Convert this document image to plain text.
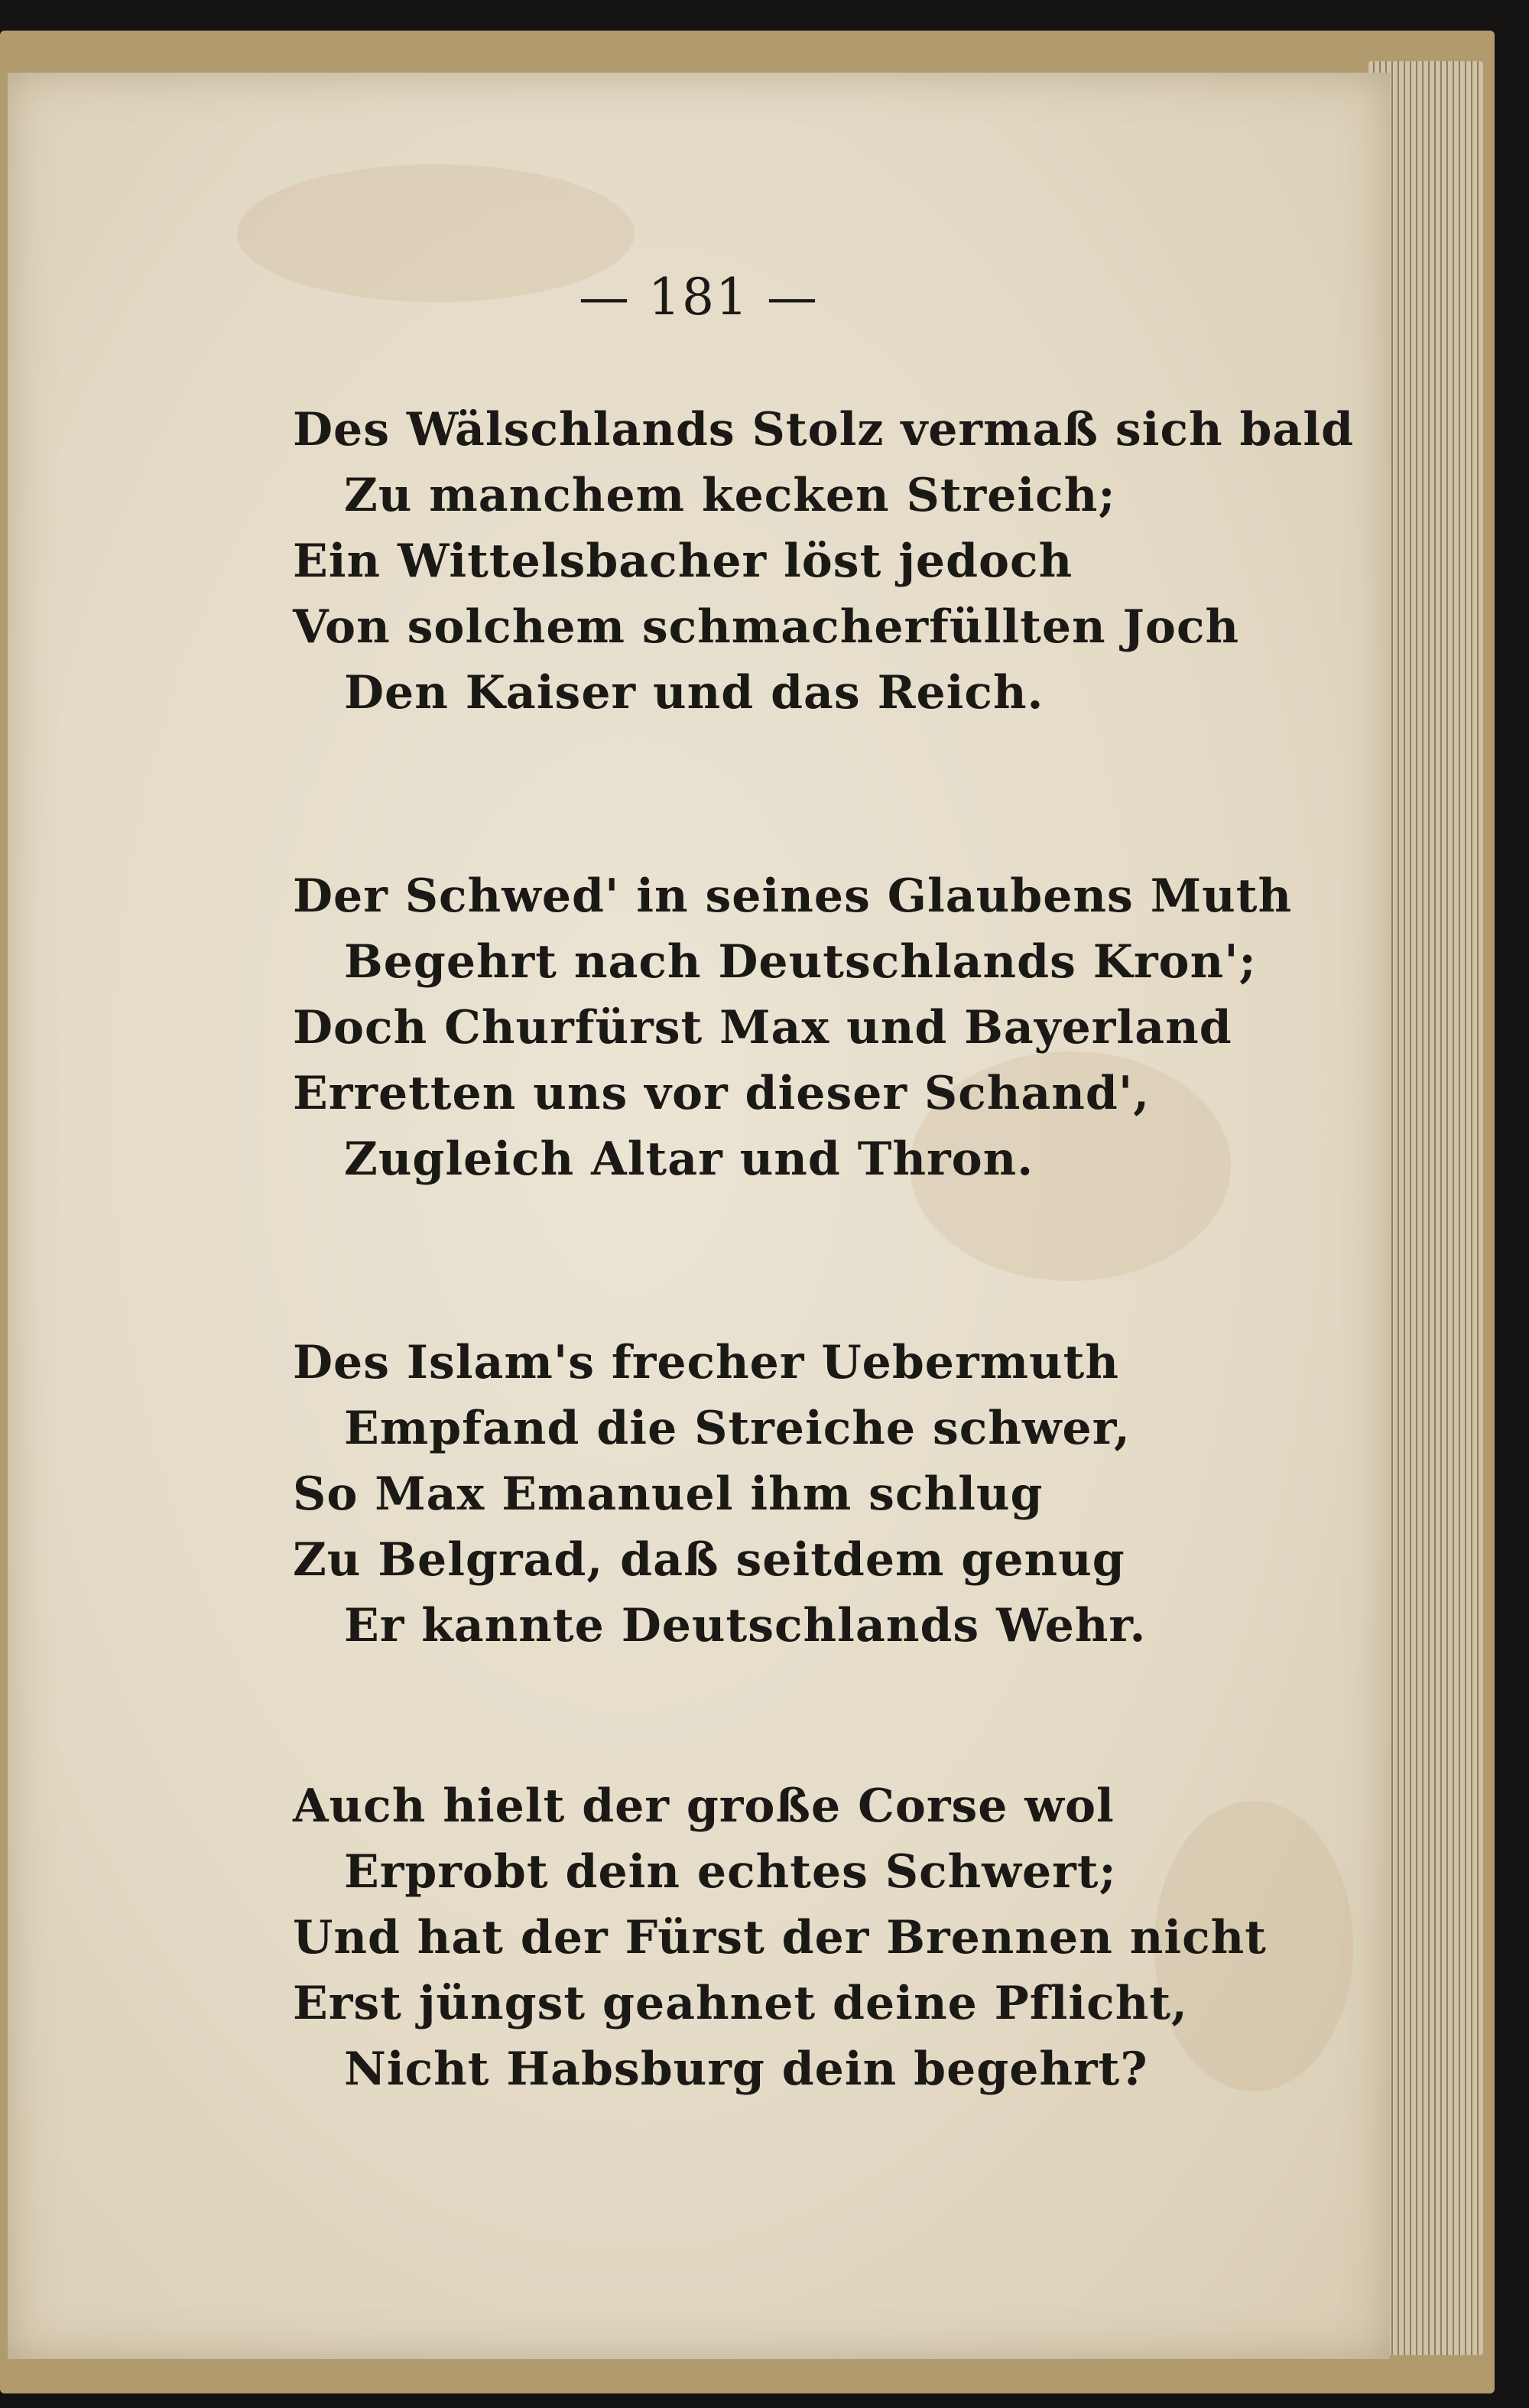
— 181 —
Des Wälschlands Stolz vermaß sich bald
Zu manchem kecken Streich;
Ein Wittelsbacher löst jedoch
Von solchem schmacherfüllten Joch
Den Kaiser und das Reich.
Der Schwed' in seines Glaubens Muth
Begehrt nach Deutschlands Kron';
Doch Churfürst Max und Bayerland
Erretten uns vor dieser Schand',
Zugleich Altar und Thron.
Des Islam's frecher Uebermuth
Empfand die Streiche schwer,
So Max Emanuel ihm schlug
Zu Belgrad, daß seitdem genug
Er kannte Deutschlands Wehr.
Auch hielt der große Corse wol
Erprobt dein echtes Schwert;
Und hat der Fürst der Brennen nicht
Erst jüngst geahnet deine Pflicht,
Nicht Habsburg dein begehrt?
